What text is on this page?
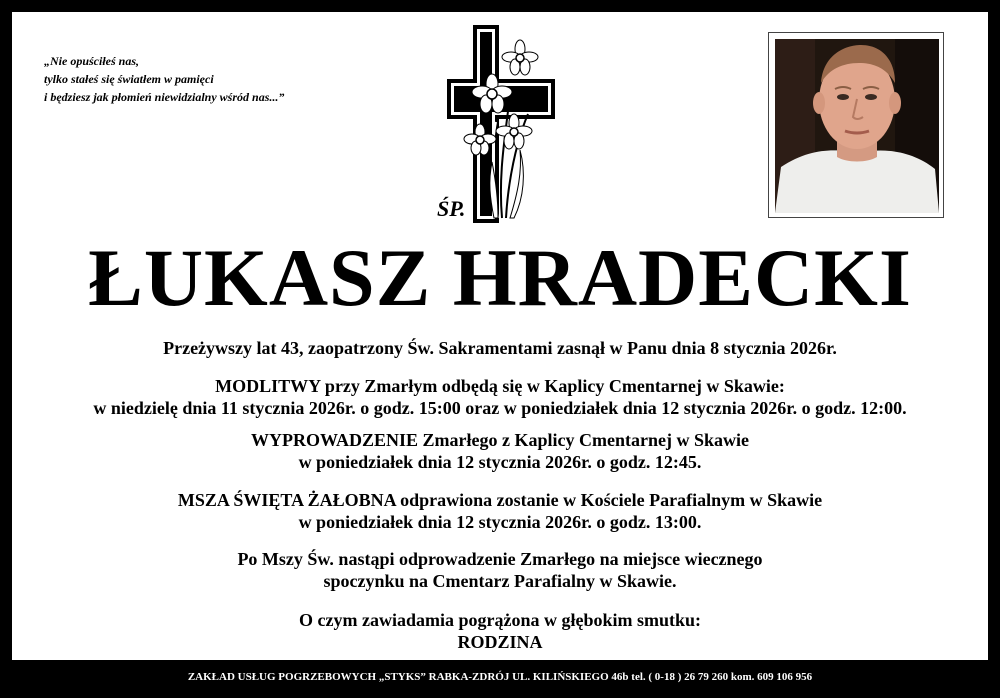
„Nie opuściłeś nas,
tylko stałeś się światłem w pamięci
i będziesz jak płomień niewidzialny wśród nas...”
ŚP.
ŁUKASZ HRADECKI
Przeżywszy lat 43, zaopatrzony Św. Sakramentami zasnął w Panu dnia 8 stycznia 2026r.
MODLITWY przy Zmarłym odbędą się w Kaplicy Cmentarnej w Skawie:
w niedzielę dnia 11 stycznia 2026r. o godz. 15:00 oraz w poniedziałek dnia 12 stycznia 2026r. o godz. 12:00.
WYPROWADZENIE Zmarłego z Kaplicy Cmentarnej w Skawie
w poniedziałek dnia 12 stycznia 2026r. o godz. 12:45.
MSZA ŚWIĘTA ŻAŁOBNA odprawiona zostanie w Kościele Parafialnym w Skawie
w poniedziałek dnia 12 stycznia 2026r. o godz. 13:00.
Po Mszy Św. nastąpi odprowadzenie Zmarłego na miejsce wiecznego
spoczynku na Cmentarz Parafialny w Skawie.
O czym zawiadamia pogrążona w głębokim smutku:
RODZINA
ZAKŁAD USŁUG POGRZEBOWYCH „STYKS” RABKA-ZDRÓJ UL. KILIŃSKIEGO 46b tel. ( 0-18 ) 26 79 260 kom. 609 106 956
